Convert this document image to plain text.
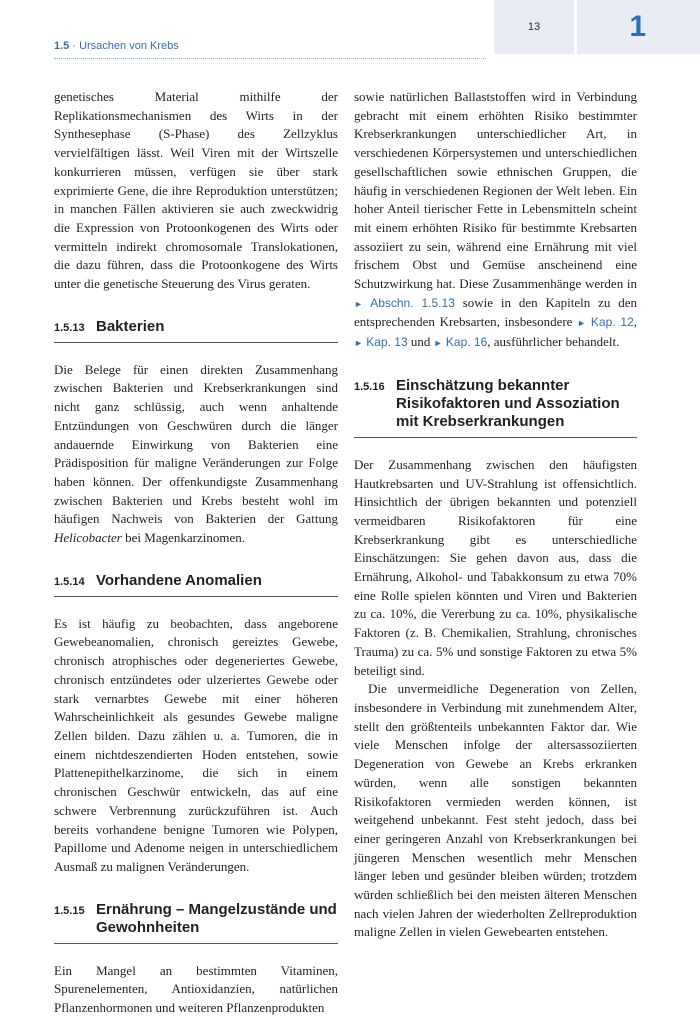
1.5 · Ursachen von Krebs
13	1

genetisches Material mithilfe der Replikationsmechanismen des Wirts in der Synthesephase (S-Phase) des Zellzyklus vervielfältigen lässt. Weil Viren mit der Wirtszelle konkurrieren müssen, verfügen sie über stark exprimierte Gene, die ihre Reproduktion unterstützen; in manchen Fällen aktivieren sie auch zweckwidrig die Expression von Protoonkogenen des Wirts oder vermitteln indirekt chromosomale Translokationen, die dazu führen, dass die Protoonkogene des Wirts unter die genetische Steuerung des Virus geraten.

1.5.13 Bakterien

Die Belege für einen direkten Zusammenhang zwischen Bakterien und Krebserkrankungen sind nicht ganz schlüssig, auch wenn anhaltende Entzündungen von Geschwüren durch die länger andauernde Einwirkung von Bakterien eine Prädisposition für maligne Veränderungen zur Folge haben können. Der offenkundigste Zusammenhang zwischen Bakterien und Krebs besteht wohl im häufigen Nachweis von Bakterien der Gattung Helicobacter bei Magenkarzinomen.

1.5.14 Vorhandene Anomalien

Es ist häufig zu beobachten, dass angeborene Gewebeanomalien, chronisch gereiztes Gewebe, chronisch atrophisches oder degeneriertes Gewebe, chronisch entzündetes oder ulzeriertes Gewebe oder stark vernarbtes Gewebe mit einer höheren Wahrscheinlichkeit als gesundes Gewebe maligne Zellen bilden. Dazu zählen u. a. Tumoren, die in einem nichtdeszendierten Hoden entstehen, sowie Plattenepithelkarzinome, die sich in einem chronischen Geschwür entwickeln, das auf eine schwere Verbrennung zurückzuführen ist. Auch bereits vorhandene benigne Tumoren wie Polypen, Papillome und Adenome neigen in unterschiedlichem Ausmaß zu malignen Veränderungen.

1.5.15 Ernährung – Mangelzustände und Gewohnheiten

Ein Mangel an bestimmten Vitaminen, Spurenelementen, Antioxidanzien, natürlichen Pflanzenhormonen und weiteren Pflanzenprodukten

sowie natürlichen Ballaststoffen wird in Verbindung gebracht mit einem erhöhten Risiko bestimmter Krebserkrankungen unterschiedlicher Art, in verschiedenen Körpersystemen und unterschiedlichen gesellschaftlichen sowie ethnischen Gruppen, die häufig in verschiedenen Regionen der Welt leben. Ein hoher Anteil tierischer Fette in Lebensmitteln scheint mit einem erhöhten Risiko für bestimmte Krebsarten assoziiert zu sein, während eine Ernährung mit viel frischem Obst und Gemüse anscheinend eine Schutzwirkung hat. Diese Zusammenhänge werden in ► Abschn. 1.5.13 sowie in den Kapiteln zu den entsprechenden Krebsarten, insbesondere ► Kap. 12, ► Kap. 13 und ► Kap. 16, ausführlicher behandelt.

1.5.16 Einschätzung bekannter Risikofaktoren und Assoziation mit Krebserkrankungen

Der Zusammenhang zwischen den häufigsten Hautkrebsarten und UV-Strahlung ist offensichtlich. Hinsichtlich der übrigen bekannten und potenziell vermeidbaren Risikofaktoren für eine Krebserkrankung gibt es unterschiedliche Einschätzungen: Sie gehen davon aus, dass die Ernährung, Alkohol- und Tabakkonsum zu etwa 70% eine Rolle spielen könnten und Viren und Bakterien zu ca. 10%, die Vererbung zu ca. 10%, physikalische Faktoren (z. B. Chemikalien, Strahlung, chronisches Trauma) zu ca. 5% und sonstige Faktoren zu etwa 5% beteiligt sind.

Die unvermeidliche Degeneration von Zellen, insbesondere in Verbindung mit zunehmendem Alter, stellt den größtenteils unbekannten Faktor dar. Wie viele Menschen infolge der altersassoziierten Degeneration von Gewebe an Krebs erkranken würden, wenn alle sonstigen bekannten Risikofaktoren vermieden werden können, ist weitgehend unbekannt. Fest steht jedoch, dass bei einer geringeren Anzahl von Krebserkrankungen bei jüngeren Menschen wesentlich mehr Menschen länger leben und gesünder bleiben würden; trotzdem würden schließlich bei den meisten älteren Menschen nach vielen Jahren der wiederholten Zellreproduktion maligne Zellen in vielen Gewebearten entstehen.
